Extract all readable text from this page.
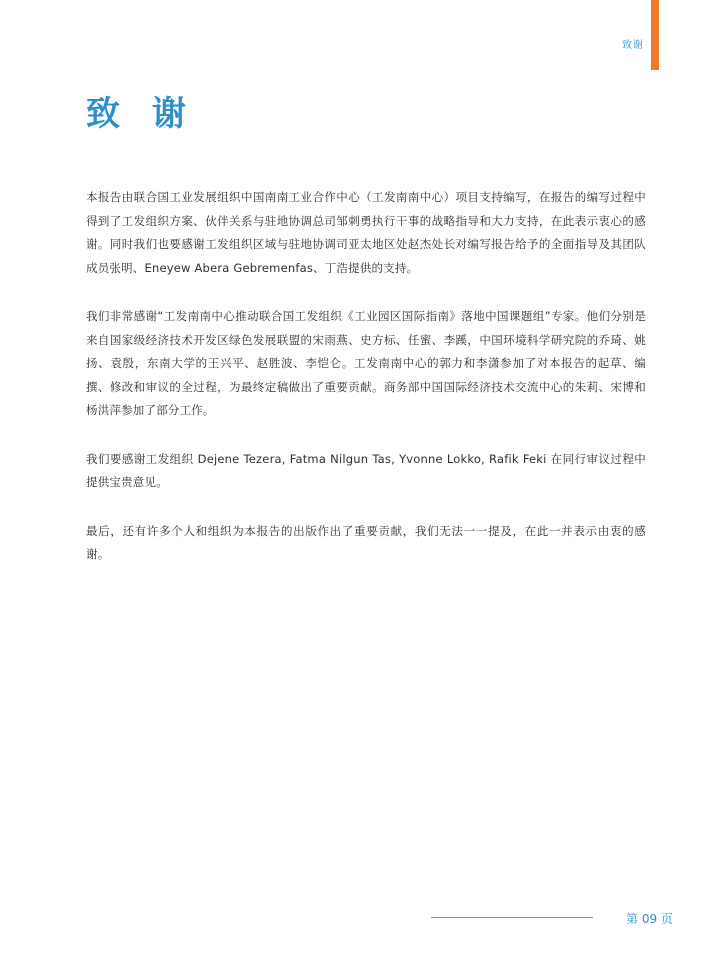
致谢
致 谢

本报告由联合国工业发展组织中国南南工业合作中心（工发南南中心）项目支持编写，在报告的编写过程中得到了工发组织方案、伙伴关系与驻地协调总司邹刺勇执行干事的战略指导和大力支持，在此表示衷心的感谢。同时我们也要感谢工发组织区域与驻地协调司亚太地区处赵杰处长对编写报告给予的全面指导及其团队成员张明、Eneyew Abera Gebremenfas、丁浩提供的支持。

我们非常感谢“工发南南中心推动联合国工发组织《工业园区国际指南》落地中国课题组”专家。他们分别是来自国家级经济技术开发区绿色发展联盟的宋雨燕、史方标、任蜜、李蹊，中国环境科学研究院的乔琦、姚扬、袁殷，东南大学的王兴平、赵胜波、李恺仑。工发南南中心的郭力和李潇参加了对本报告的起草、编撰、修改和审议的全过程，为最终定稿做出了重要贡献。商务部中国国际经济技术交流中心的朱莉、宋博和杨洪萍参加了部分工作。

我们要感谢工发组织 Dejene Tezera, Fatma Nilgun Tas, Yvonne Lokko, Rafik Feki 在同行审议过程中提供宝贵意见。

最后，还有许多个人和组织为本报告的出版作出了重要贡献，我们无法一一提及，在此一并表示由衷的感谢。

第 09 页
